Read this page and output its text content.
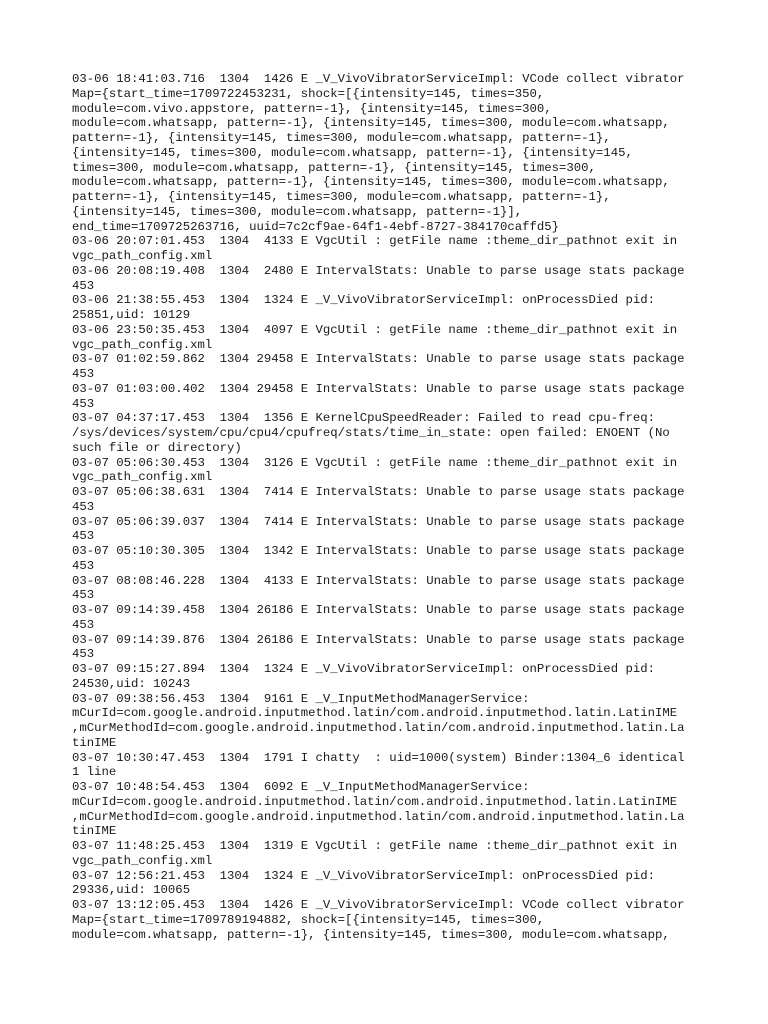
03-06 18:41:03.716  1304  1426 E _V_VivoVibratorServiceImpl: VCode collect vibrator
Map={start_time=1709722453231, shock=[{intensity=145, times=350,
module=com.vivo.appstore, pattern=-1}, {intensity=145, times=300,
module=com.whatsapp, pattern=-1}, {intensity=145, times=300, module=com.whatsapp,
pattern=-1}, {intensity=145, times=300, module=com.whatsapp, pattern=-1},
{intensity=145, times=300, module=com.whatsapp, pattern=-1}, {intensity=145,
times=300, module=com.whatsapp, pattern=-1}, {intensity=145, times=300,
module=com.whatsapp, pattern=-1}, {intensity=145, times=300, module=com.whatsapp,
pattern=-1}, {intensity=145, times=300, module=com.whatsapp, pattern=-1},
{intensity=145, times=300, module=com.whatsapp, pattern=-1}],
end_time=1709725263716, uuid=7c2cf9ae-64f1-4ebf-8727-384170caffd5}
03-06 20:07:01.453  1304  4133 E VgcUtil : getFile name :theme_dir_pathnot exit in
vgc_path_config.xml
03-06 20:08:19.408  1304  2480 E IntervalStats: Unable to parse usage stats package
453
03-06 21:38:55.453  1304  1324 E _V_VivoVibratorServiceImpl: onProcessDied pid:
25851,uid: 10129
03-06 23:50:35.453  1304  4097 E VgcUtil : getFile name :theme_dir_pathnot exit in
vgc_path_config.xml
03-07 01:02:59.862  1304 29458 E IntervalStats: Unable to parse usage stats package
453
03-07 01:03:00.402  1304 29458 E IntervalStats: Unable to parse usage stats package
453
03-07 04:37:17.453  1304  1356 E KernelCpuSpeedReader: Failed to read cpu-freq:
/sys/devices/system/cpu/cpu4/cpufreq/stats/time_in_state: open failed: ENOENT (No
such file or directory)
03-07 05:06:30.453  1304  3126 E VgcUtil : getFile name :theme_dir_pathnot exit in
vgc_path_config.xml
03-07 05:06:38.631  1304  7414 E IntervalStats: Unable to parse usage stats package
453
03-07 05:06:39.037  1304  7414 E IntervalStats: Unable to parse usage stats package
453
03-07 05:10:30.305  1304  1342 E IntervalStats: Unable to parse usage stats package
453
03-07 08:08:46.228  1304  4133 E IntervalStats: Unable to parse usage stats package
453
03-07 09:14:39.458  1304 26186 E IntervalStats: Unable to parse usage stats package
453
03-07 09:14:39.876  1304 26186 E IntervalStats: Unable to parse usage stats package
453
03-07 09:15:27.894  1304  1324 E _V_VivoVibratorServiceImpl: onProcessDied pid:
24530,uid: 10243
03-07 09:38:56.453  1304  9161 E _V_InputMethodManagerService:
mCurId=com.google.android.inputmethod.latin/com.android.inputmethod.latin.LatinIME
,mCurMethodId=com.google.android.inputmethod.latin/com.android.inputmethod.latin.La
tinIME
03-07 10:30:47.453  1304  1791 I chatty  : uid=1000(system) Binder:1304_6 identical
1 line
03-07 10:48:54.453  1304  6092 E _V_InputMethodManagerService:
mCurId=com.google.android.inputmethod.latin/com.android.inputmethod.latin.LatinIME
,mCurMethodId=com.google.android.inputmethod.latin/com.android.inputmethod.latin.La
tinIME
03-07 11:48:25.453  1304  1319 E VgcUtil : getFile name :theme_dir_pathnot exit in
vgc_path_config.xml
03-07 12:56:21.453  1304  1324 E _V_VivoVibratorServiceImpl: onProcessDied pid:
29336,uid: 10065
03-07 13:12:05.453  1304  1426 E _V_VivoVibratorServiceImpl: VCode collect vibrator
Map={start_time=1709789194882, shock=[{intensity=145, times=300,
module=com.whatsapp, pattern=-1}, {intensity=145, times=300, module=com.whatsapp,
